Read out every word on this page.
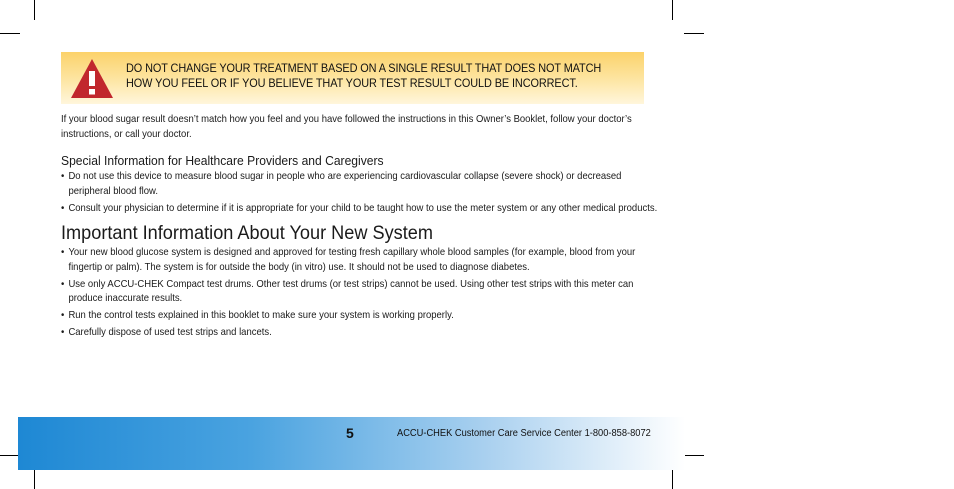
DO NOT CHANGE YOUR TREATMENT BASED ON A SINGLE RESULT THAT DOES NOT MATCH HOW YOU FEEL OR IF YOU BELIEVE THAT YOUR TEST RESULT COULD BE INCORRECT.

If your blood sugar result doesn’t match how you feel and you have followed the instructions in this Owner’s Booklet, follow your doctor’s instructions, or call your doctor.

Special Information for Healthcare Providers and Caregivers
• Do not use this device to measure blood sugar in people who are experiencing cardiovascular collapse (severe shock) or decreased peripheral blood flow.
• Consult your physician to determine if it is appropriate for your child to be taught how to use the meter system or any other medical products.
Important Information About Your New System
• Your new blood glucose system is designed and approved for testing fresh capillary whole blood samples (for example, blood from your fingertip or palm). The system is for outside the body (in vitro) use. It should not be used to diagnose diabetes.
• Use only ACCU-CHEK Compact test drums. Other test drums (or test strips) cannot be used. Using other test strips with this meter can produce inaccurate results.
• Run the control tests explained in this booklet to make sure your system is working properly.
• Carefully dispose of used test strips and lancets.
5	ACCU-CHEK Customer Care Service Center 1-800-858-8072
